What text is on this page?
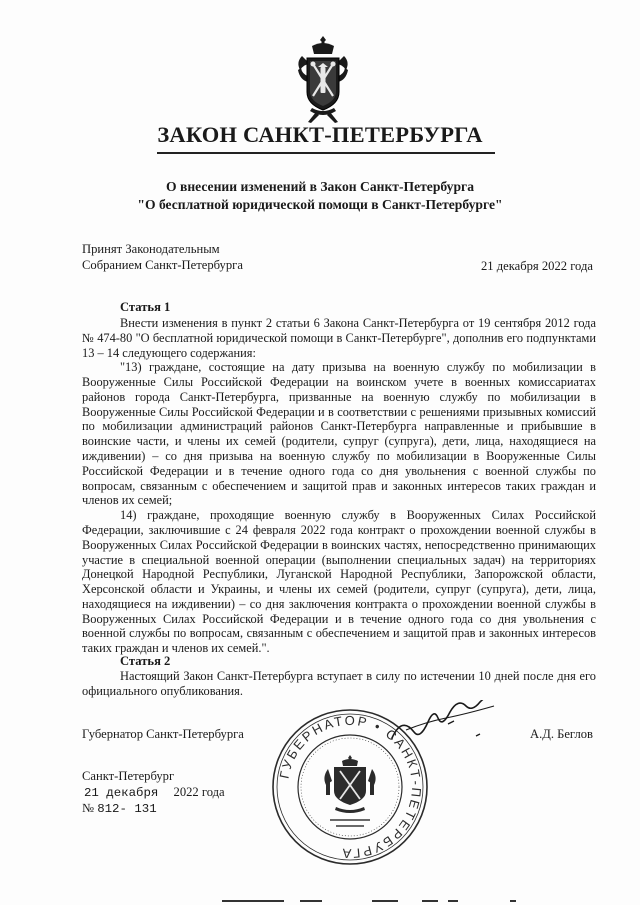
ЗАКОН САНКТ-ПЕТЕРБУРГА
О внесении изменений в Закон Санкт-Петербурга
"О бесплатной юридической помощи в Санкт-Петербурге"
Принят Законодательным
Собранием Санкт-Петербурга	21 декабря 2022 года
Статья 1

Внести изменения в пункт 2 статьи 6 Закона Санкт-Петербурга от 19 сентября 2012 года № 474-80 "О бесплатной юридической помощи в Санкт-Петербурге", дополнив его подпунктами 13 – 14 следующего содержания:

"13) граждане, состоящие на дату призыва на военную службу по мобилизации в Вооруженные Силы Российской Федерации на воинском учете в военных комиссариатах районов города Санкт-Петербурга, призванные на военную службу по мобилизации в Вооруженные Силы Российской Федерации и в соответствии с решениями призывных комиссий по мобилизации администраций районов Санкт-Петербурга направленные и прибывшие в воинские части, и члены их семей (родители, супруг (супруга), дети, лица, находящиеся на иждивении) – со дня призыва на военную службу по мобилизации в Вооруженные Силы Российской Федерации и в течение одного года со дня увольнения с военной службы по вопросам, связанным с обеспечением и защитой прав и законных интересов таких граждан и членов их семей;

14) граждане, проходящие военную службу в Вооруженных Силах Российской Федерации, заключившие с 24 февраля 2022 года контракт о прохождении военной службы в Вооруженных Силах Российской Федерации в воинских частях, непосредственно принимающих участие в специальной военной операции (выполнении специальных задач) на территориях Донецкой Народной Республики, Луганской Народной Республики, Запорожской области, Херсонской области и Украины, и члены их семей (родители, супруг (супруга), дети, лица, находящиеся на иждивении) – со дня заключения контракта о прохождении военной службы в Вооруженных Силах Российской Федерации и в течение одного года со дня увольнения с военной службы по вопросам, связанным с обеспечением и защитой прав и законных интересов таких граждан и членов их семей.".

Статья 2

Настоящий Закон Санкт-Петербурга вступает в силу по истечении 10 дней после дня его официального опубликования.

Губернатор Санкт-Петербурга	А.Д. Беглов
ГУБЕРНАТОР • САНКТ-ПЕТЕРБУРГА
Санкт-Петербург
21 декабря 2022 года
№ 812- 131
